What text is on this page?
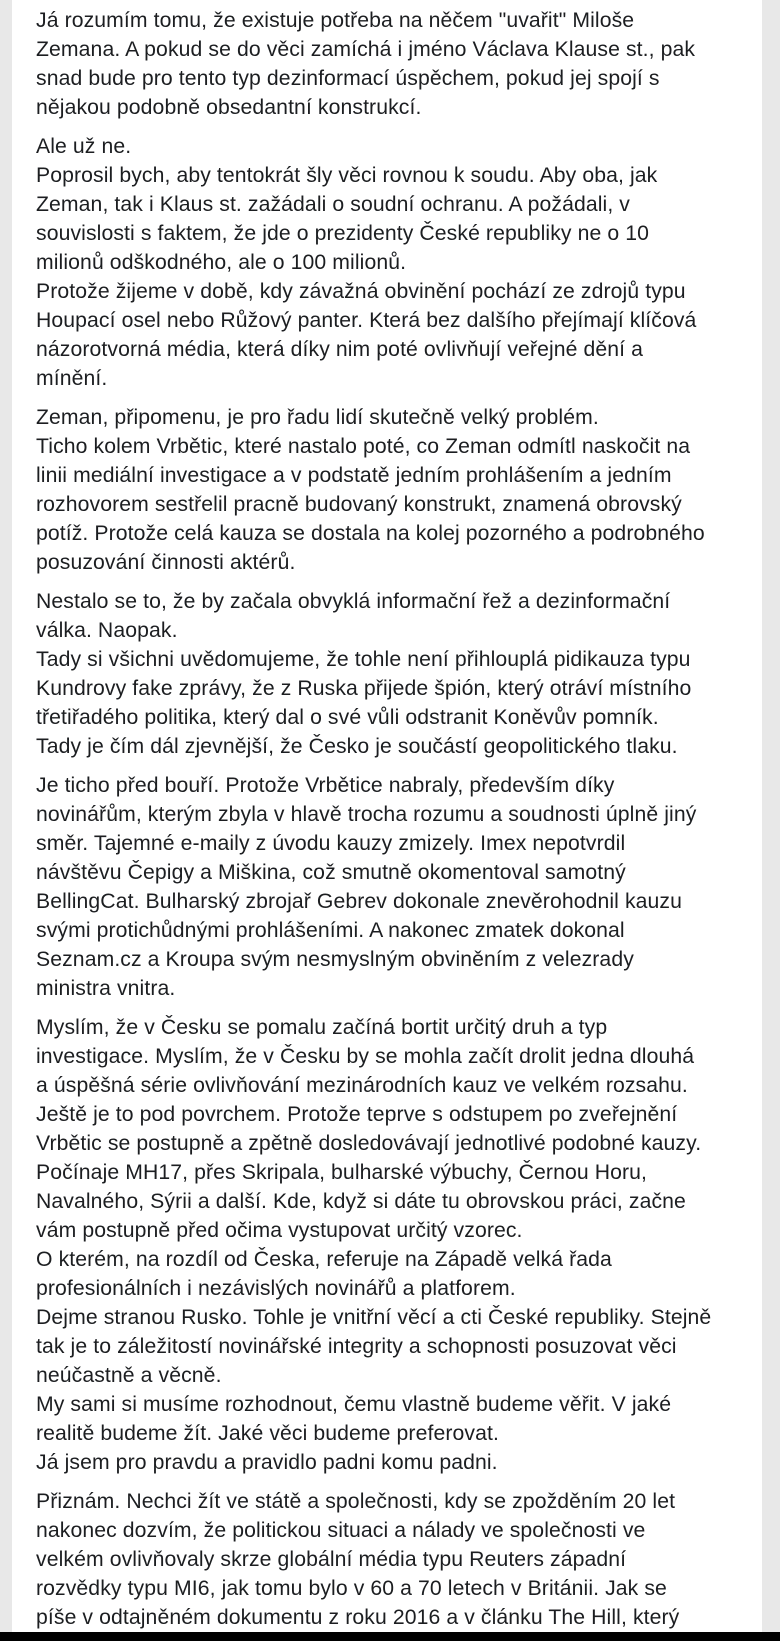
Já rozumím tomu, že existuje potřeba na něčem "uvařit" Miloše
Zemana. A pokud se do věci zamíchá i jméno Václava Klause st., pak
snad bude pro tento typ dezinformací úspěchem, pokud jej spojí s
nějakou podobně obsedantní konstrukcí.

Ale už ne.
Poprosil bych, aby tentokrát šly věci rovnou k soudu. Aby oba, jak
Zeman, tak i Klaus st. zažádali o soudní ochranu. A požádali, v
souvislosti s faktem, že jde o prezidenty České republiky ne o 10
milionů odškodného, ale o 100 milionů.
Protože žijeme v době, kdy závažná obvinění pochází ze zdrojů typu
Houpací osel nebo Růžový panter. Která bez dalšího přejímají klíčová
názorotvorná média, která díky nim poté ovlivňují veřejné dění a
mínění.

Zeman, připomenu, je pro řadu lidí skutečně velký problém.
Ticho kolem Vrbětic, které nastalo poté, co Zeman odmítl naskočit na
linii mediální investigace a v podstatě jedním prohlášením a jedním
rozhovorem sestřelil pracně budovaný konstrukt, znamená obrovský
potíž. Protože celá kauza se dostala na kolej pozorného a podrobného
posuzování činnosti aktérů.

Nestalo se to, že by začala obvyklá informační řež a dezinformační
válka. Naopak.
Tady si všichni uvědomujeme, že tohle není přihlouplá pidikauza typu
Kundrovy fake zprávy, že z Ruska přijede špión, který otráví místního
třetiřadého politika, který dal o své vůli odstranit Koněvův pomník.
Tady je čím dál zjevnější, že Česko je součástí geopolitického tlaku.

Je ticho před bouří. Protože Vrbětice nabraly, především díky
novinářům, kterým zbyla v hlavě trocha rozumu a soudnosti úplně jiný
směr. Tajemné e-maily z úvodu kauzy zmizely. Imex nepotvrdil
návštěvu Čepigy a Miškina, což smutně okomentoval samotný
BellingCat. Bulharský zbrojař Gebrev dokonale znevěrohodnil kauzu
svými protichůdnými prohlášeními. A nakonec zmatek dokonal
Seznam.cz a Kroupa svým nesmyslným obviněním z velezrady
ministra vnitra.

Myslím, že v Česku se pomalu začíná bortit určitý druh a typ
investigace. Myslím, že v Česku by se mohla začít drolit jedna dlouhá
a úspěšná série ovlivňování mezinárodních kauz ve velkém rozsahu.
Ještě je to pod povrchem. Protože teprve s odstupem po zveřejnění
Vrbětic se postupně a zpětně dosledovávají jednotlivé podobné kauzy.
Počínaje MH17, přes Skripala, bulharské výbuchy, Černou Horu,
Navalného, Sýrii a další. Kde, když si dáte tu obrovskou práci, začne
vám postupně před očima vystupovat určitý vzorec.
O kterém, na rozdíl od Česka, referuje na Západě velká řada
profesionálních i nezávislých novinářů a platforem.
Dejme stranou Rusko. Tohle je vnitřní věcí a cti České republiky. Stejně
tak je to záležitostí novinářské integrity a schopnosti posuzovat věci
neúčastně a věcně.
My sami si musíme rozhodnout, čemu vlastně budeme věřit. V jaké
realitě budeme žít. Jaké věci budeme preferovat.
Já jsem pro pravdu a pravidlo padni komu padni.

Přiznám. Nechci žít ve státě a společnosti, kdy se zpožděním 20 let
nakonec dozvím, že politickou situaci a nálady ve společnosti ve
velkém ovlivňovaly skrze globální média typu Reuters západní
rozvědky typu MI6, jak tomu bylo v 60 a 70 letech v Británii. Jak se
píše v odtajněném dokumentu z roku 2016 a v článku The Hill, který
